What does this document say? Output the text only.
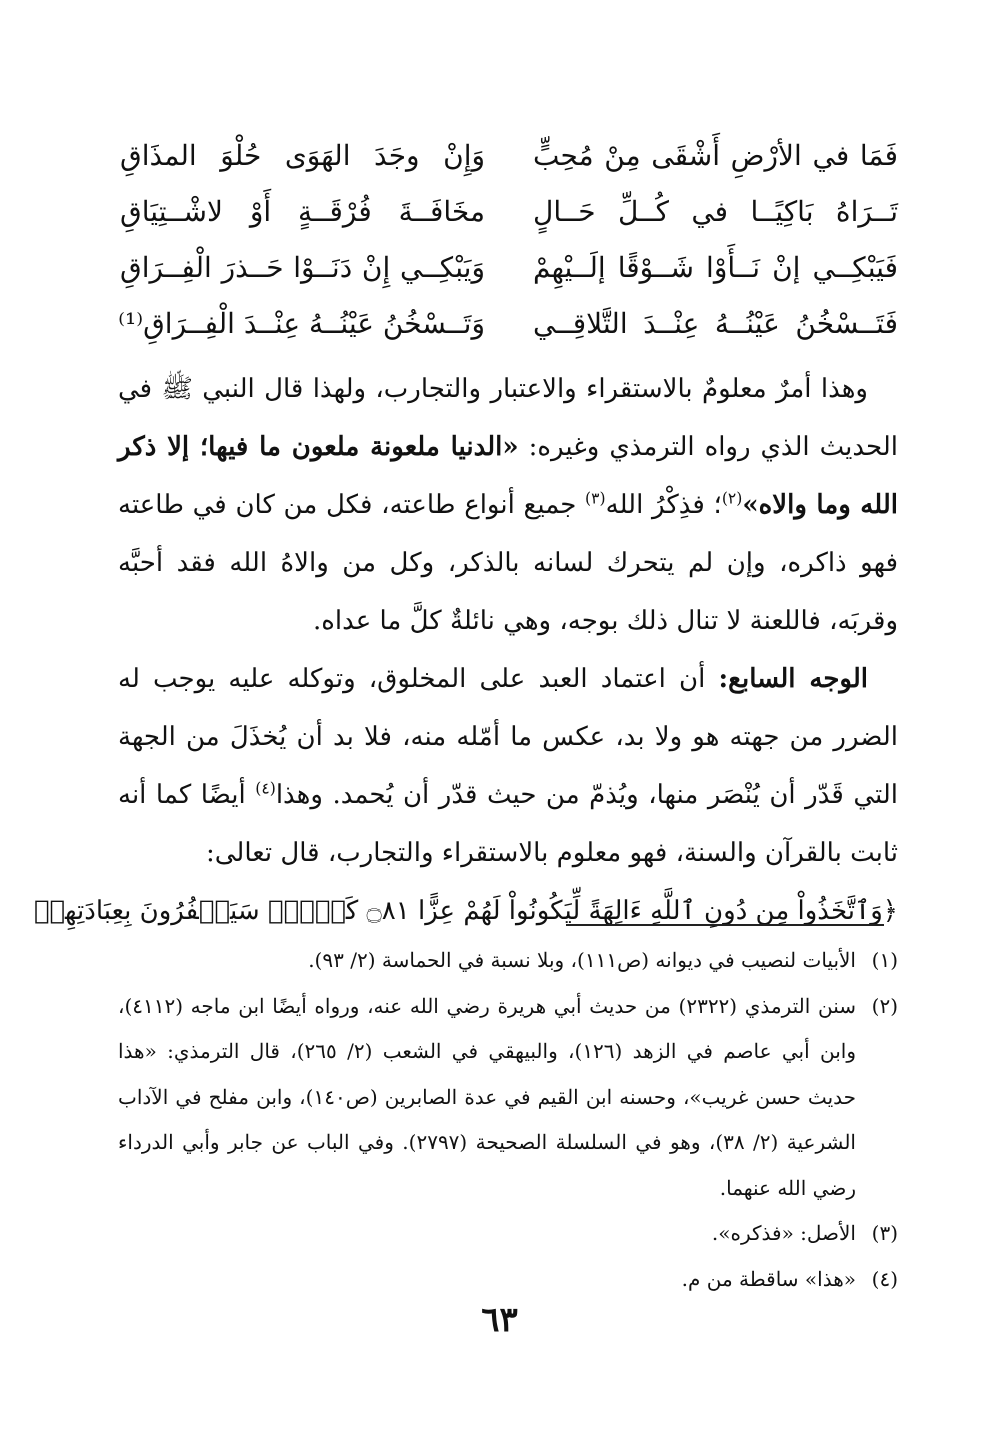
فَمَا في الأرْضِ أَشْقَى مِنْ مُحِبٍّ
وَإِنْ وجَدَ الهَوَى حُلْوَ المذَاقِ
تَــرَاهُ بَاكِيًــا في كُــلِّ حَــالٍ
مخَافَــةَ فُرْقَــةٍ أَوْ لاشْــتِيَاقِ
فَيَبْكِــي إنْ نَــأَوْا شَــوْقًا إلَــيْهِمْ
وَيَبْكِــي إِنْ دَنَــوْا حَــذرَ الْفِــرَاقِ
فَتَــسْخُنُ عَيْنُــهُ عِنْــدَ التَّلاقِــي
وَتَــسْخُنُ عَيْنُــهُ عِنْــدَ الْفِــرَاقِ⁽¹⁾

وهذا أمرٌ معلومٌ بالاستقراء والاعتبار والتجارب، ولهذا قال النبي ﷺ في الحديث الذي رواه الترمذي وغيره: «الدنيا ملعونة ملعون ما فيها؛ إلا ذكر الله وما والاه»$^{(٢)}$؛ فذِكْرُ الله$^{(٣)}$ جميع أنواع طاعته، فكل من كان في طاعته فهو ذاكره، وإن لم يتحرك لسانه بالذكر، وكل من والاهُ الله فقد أحبَّه وقربَه، فاللعنة لا تنال ذلك بوجه، وهي نائلةٌ كلَّ ما عداه.

الوجه السابع: أن اعتماد العبد على المخلوق، وتوكله عليه يوجب له الضرر من جهته هو ولا بد، عكس ما أمّله منه، فلا بد أن يُخذَلَ من الجهة التي قَدّر أن يُنْصَر منها، ويُذمّ من حيث قدّر أن يُحمد. وهذا$^{(٤)}$ أيضًا كما أنه ثابت بالقرآن والسنة، فهو معلوم بالاستقراء والتجارب، قال تعالى:

﴿وَٱتَّخَذُواْ مِن دُونِ ٱللَّهِ ءَالِهَةً لِّيَكُونُواْ لَهُمْ عِزًّا ۝٨١ كَلَّاۚ سَيَكۡفُرُونَ بِعِبَادَتِهِمۡ
(١)
الأبيات لنصيب في ديوانه (ص١١١)، وبلا نسبة في الحماسة (٢/ ٩٣).
(٢)
سنن الترمذي (٢٣٢٢) من حديث أبي هريرة رضي الله عنه، ورواه أيضًا ابن ماجه (٤١١٢)، وابن أبي عاصم في الزهد (١٢٦)، والبيهقي في الشعب (٢/ ٢٦٥)، قال الترمذي: «هذا حديث حسن غريب»، وحسنه ابن القيم في عدة الصابرين (ص١٤٠)، وابن مفلح في الآداب الشرعية (٢/ ٣٨)، وهو في السلسلة الصحيحة (٢٧٩٧). وفي الباب عن جابر وأبي الدرداء رضي الله عنهما.
(٣)
الأصل: «فذكره».
(٤)
«هذا» ساقطة من م.
٦٣
